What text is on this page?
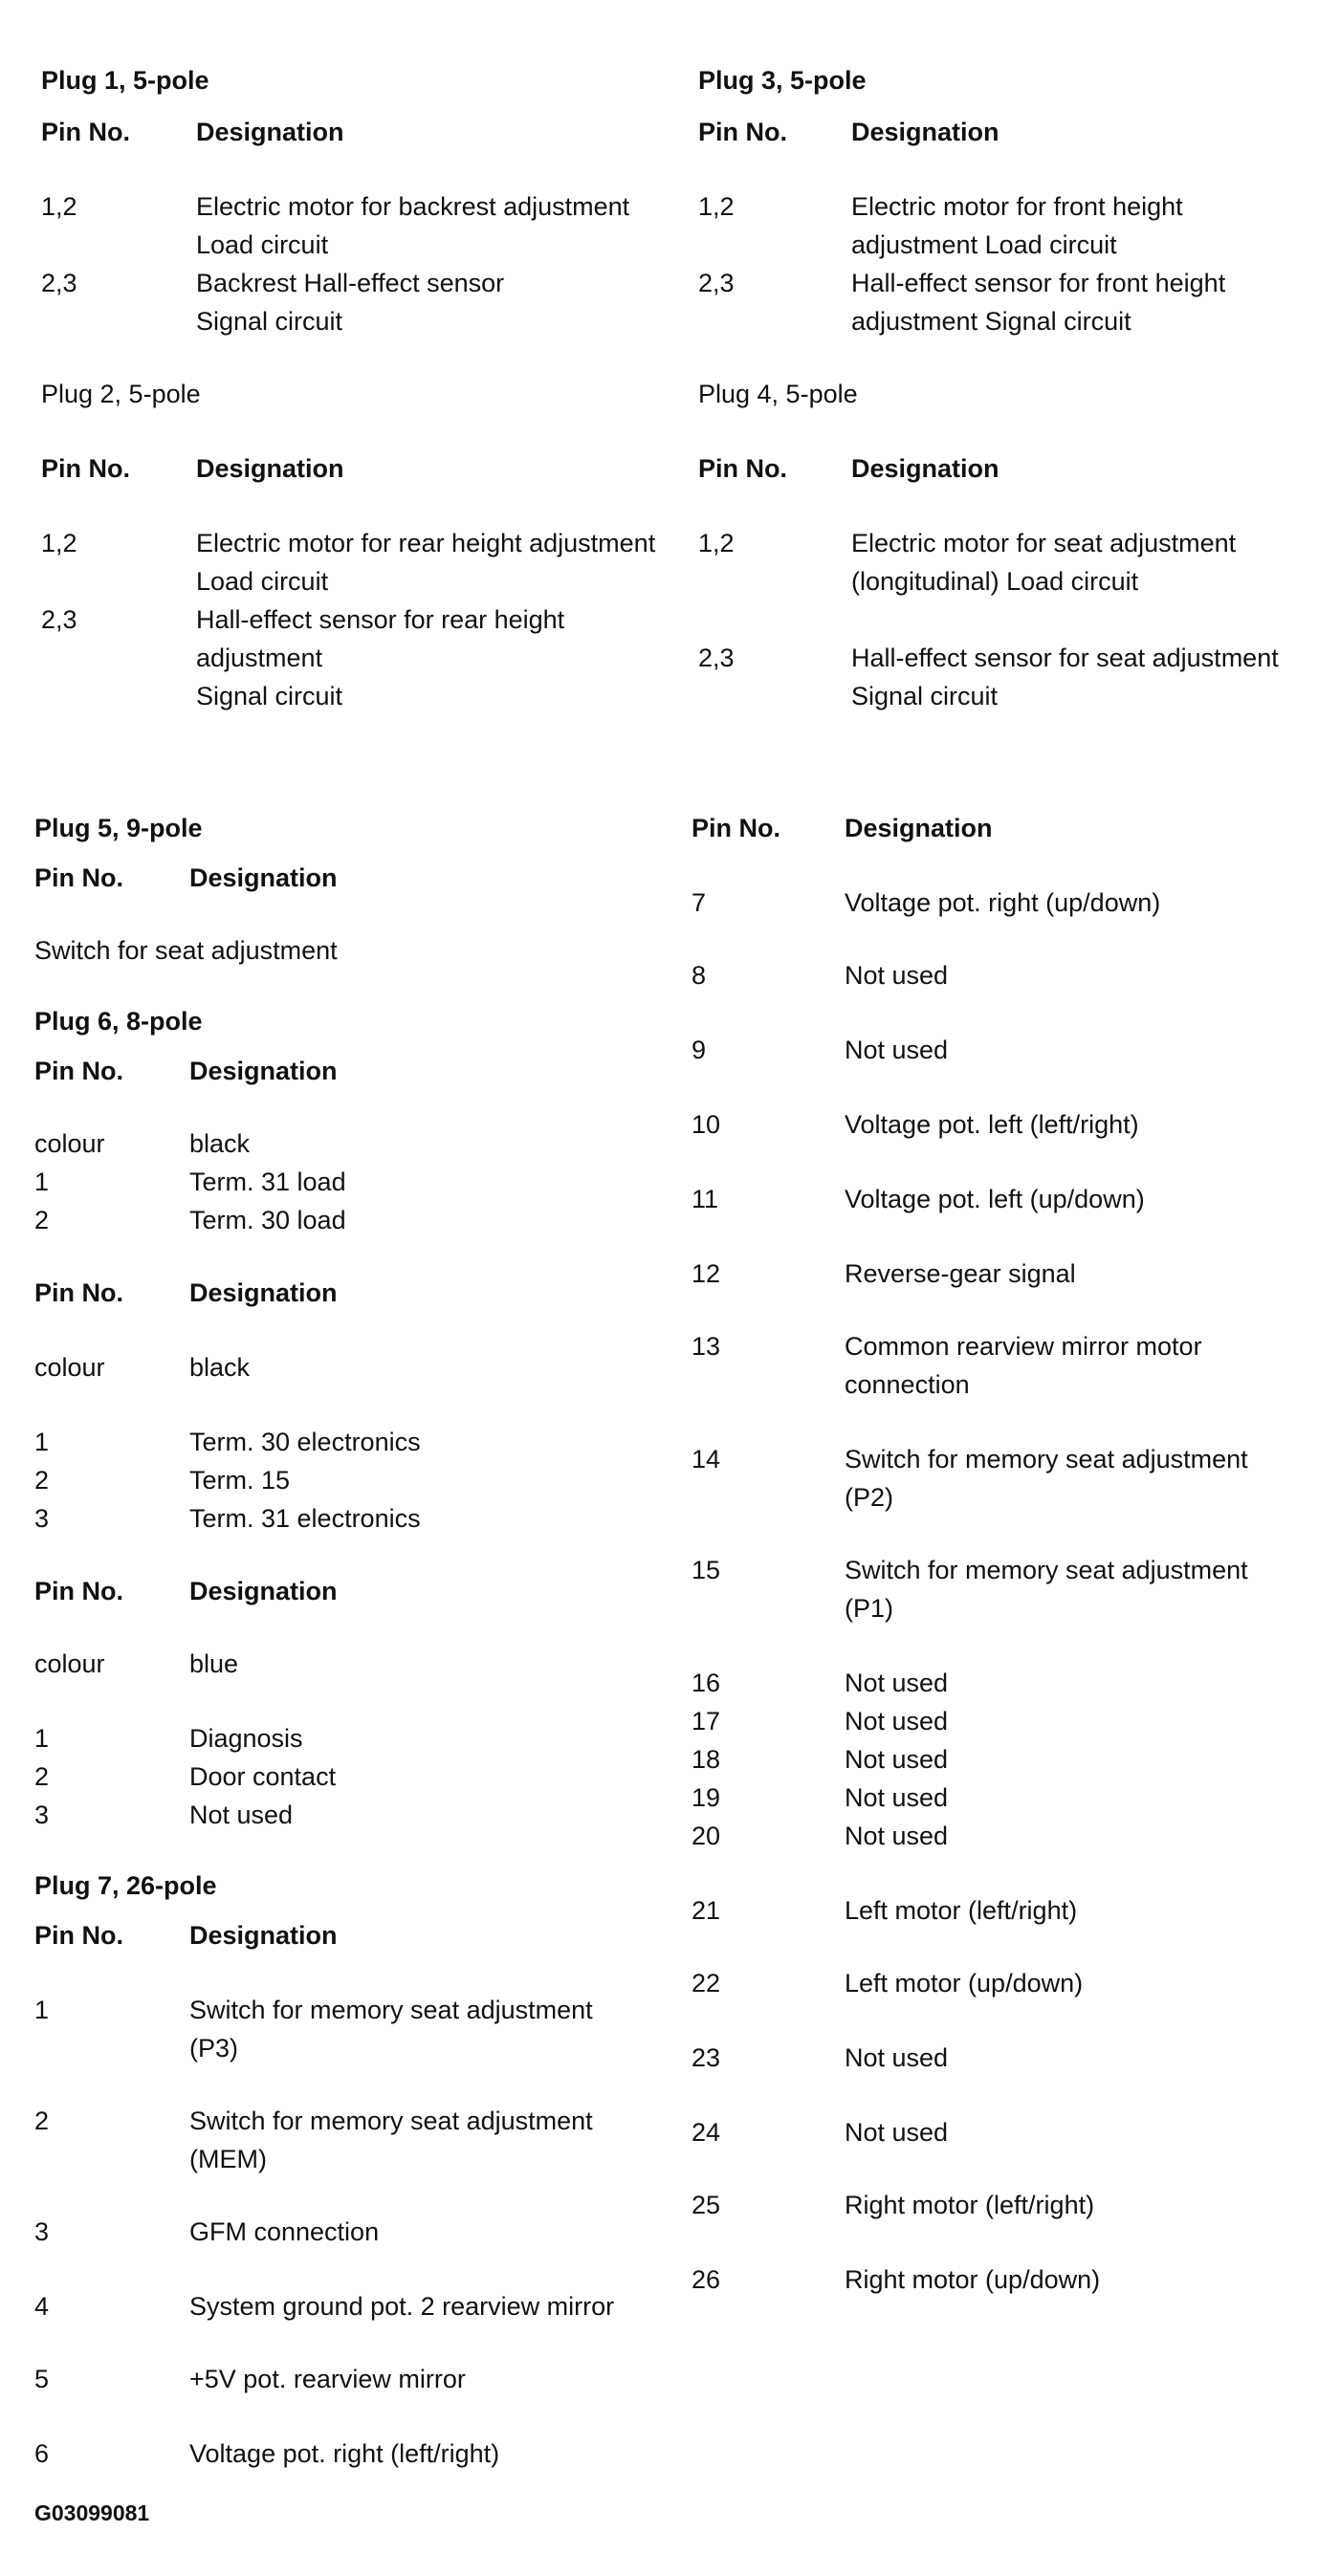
Plug 1, 5-pole
Pin No.	Designation
1,2	Electric motor for backrest adjustment
Load circuit
2,3	Backrest Hall-effect sensor
Signal circuit
Plug 3, 5-pole
Pin No. Designation
1,2	Electric motor for front height
adjustment Load circuit
2,3	Hall-effect sensor for front height
adjustment Signal circuit
Plug 2, 5-pole
Pin No.	Designation
1,2	Electric motor for rear height adjustment
Load circuit
2,3	Hall-effect sensor for rear height
adjustment
Signal circuit
Plug 4, 5-pole
Pin No. Designation
1,2	Electric motor for seat adjustment
(longitudinal) Load circuit
2,3	Hall-effect sensor for seat adjustment
Signal circuit
Plug 5, 9-pole
Pin No.	Designation
Switch for seat adjustment
Plug 6, 8-pole
Pin No.	Designation
colour	black
1	Term. 31 load
2	Term. 30 load
Pin No.	Designation
colour	black
1	Term. 30 electronics
2	Term. 15
3	Term. 31 electronics
Pin No.	Designation
colour	blue
1	Diagnosis
2	Door contact
3	Not used
Plug 7, 26-pole
Pin No.	Designation
1	Switch for memory seat adjustment
(P3)
2	Switch for memory seat adjustment
(MEM)
3	GFM connection
4	System ground pot. 2 rearview mirror
5	+5V pot. rearview mirror
6	Voltage pot. right (left/right)
Pin No. Designation
7	Voltage pot. right (up/down)
8	Not used
9	Not used
10	Voltage pot. left (left/right)
11	Voltage pot. left (up/down)
12	Reverse-gear signal
13	Common rearview mirror motor
connection
14	Switch for memory seat adjustment
(P2)
15	Switch for memory seat adjustment
(P1)
16	Not used
17	Not used
18	Not used
19	Not used
20	Not used
21	Left motor (left/right)
22	Left motor (up/down)
23	Not used
24	Not used
25	Right motor (left/right)
26	Right motor (up/down)
G03099081
